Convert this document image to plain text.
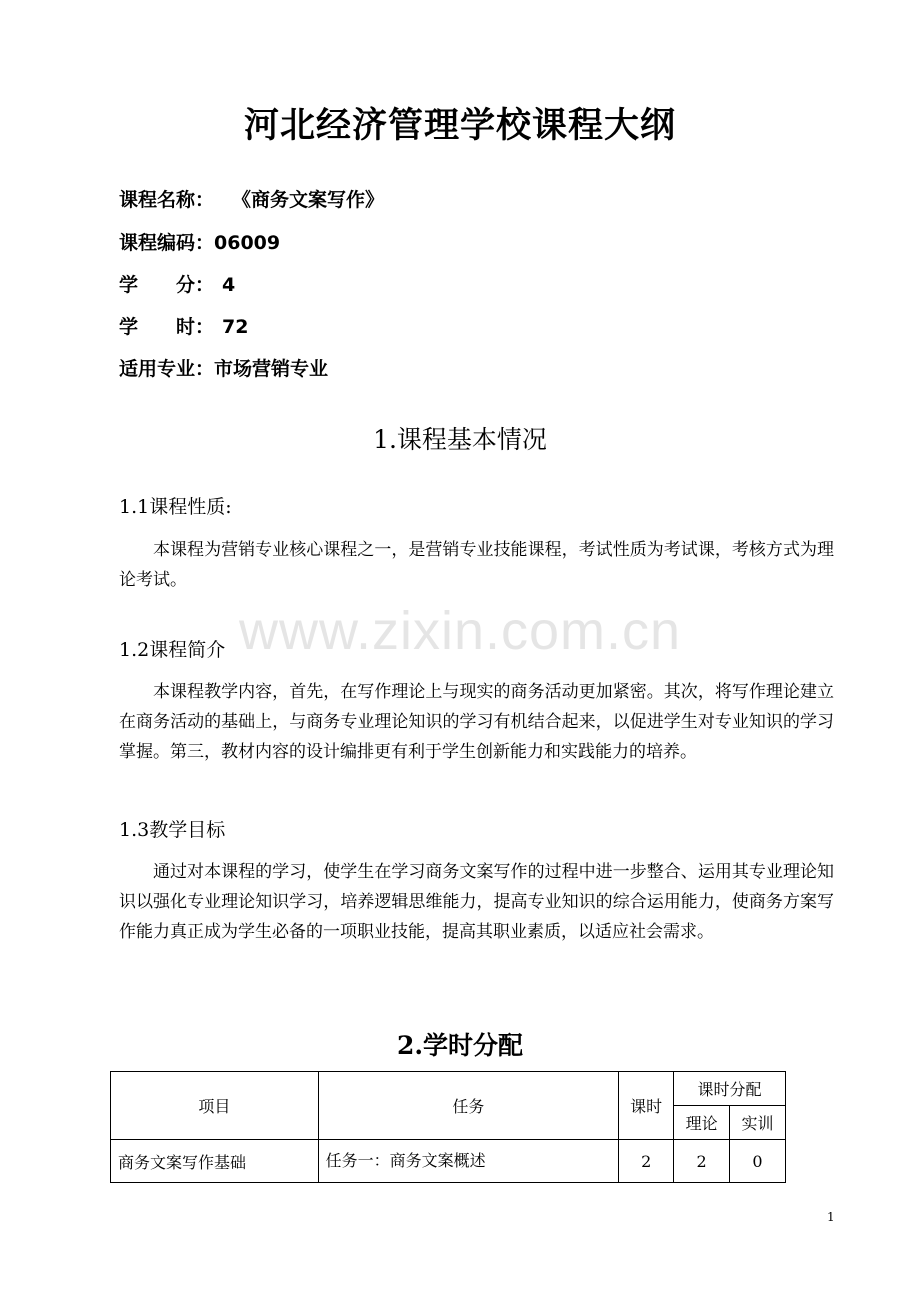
河北经济管理学校课程大纲
课程名称： 《商务文案写作》
课程编码：06009
学　　分： 4
学　　时： 72
适用专业：市场营销专业
1.课程基本情况
1.1课程性质:
本课程为营销专业核心课程之一，是营销专业技能课程，考试性质为考试课，考核方式为理论考试。
1.2课程简介
本课程教学内容，首先，在写作理论上与现实的商务活动更加紧密。其次，将写作理论建立在商务活动的基础上，与商务专业理论知识的学习有机结合起来，以促进学生对专业知识的学习掌握。第三，教材内容的设计编排更有利于学生创新能力和实践能力的培养。
1.3教学目标
通过对本课程的学习，使学生在学习商务文案写作的过程中进一步整合、运用其专业理论知识以强化专业理论知识学习，培养逻辑思维能力，提高专业知识的综合运用能力，使商务方案写作能力真正成为学生必备的一项职业技能，提高其职业素质，以适应社会需求。
2.学时分配
项目	任务	课时	课时分配	
			理论	实训
商务文案写作基础	任务一：商务文案概述	2	2	0
www.zixin.com.cn
1
